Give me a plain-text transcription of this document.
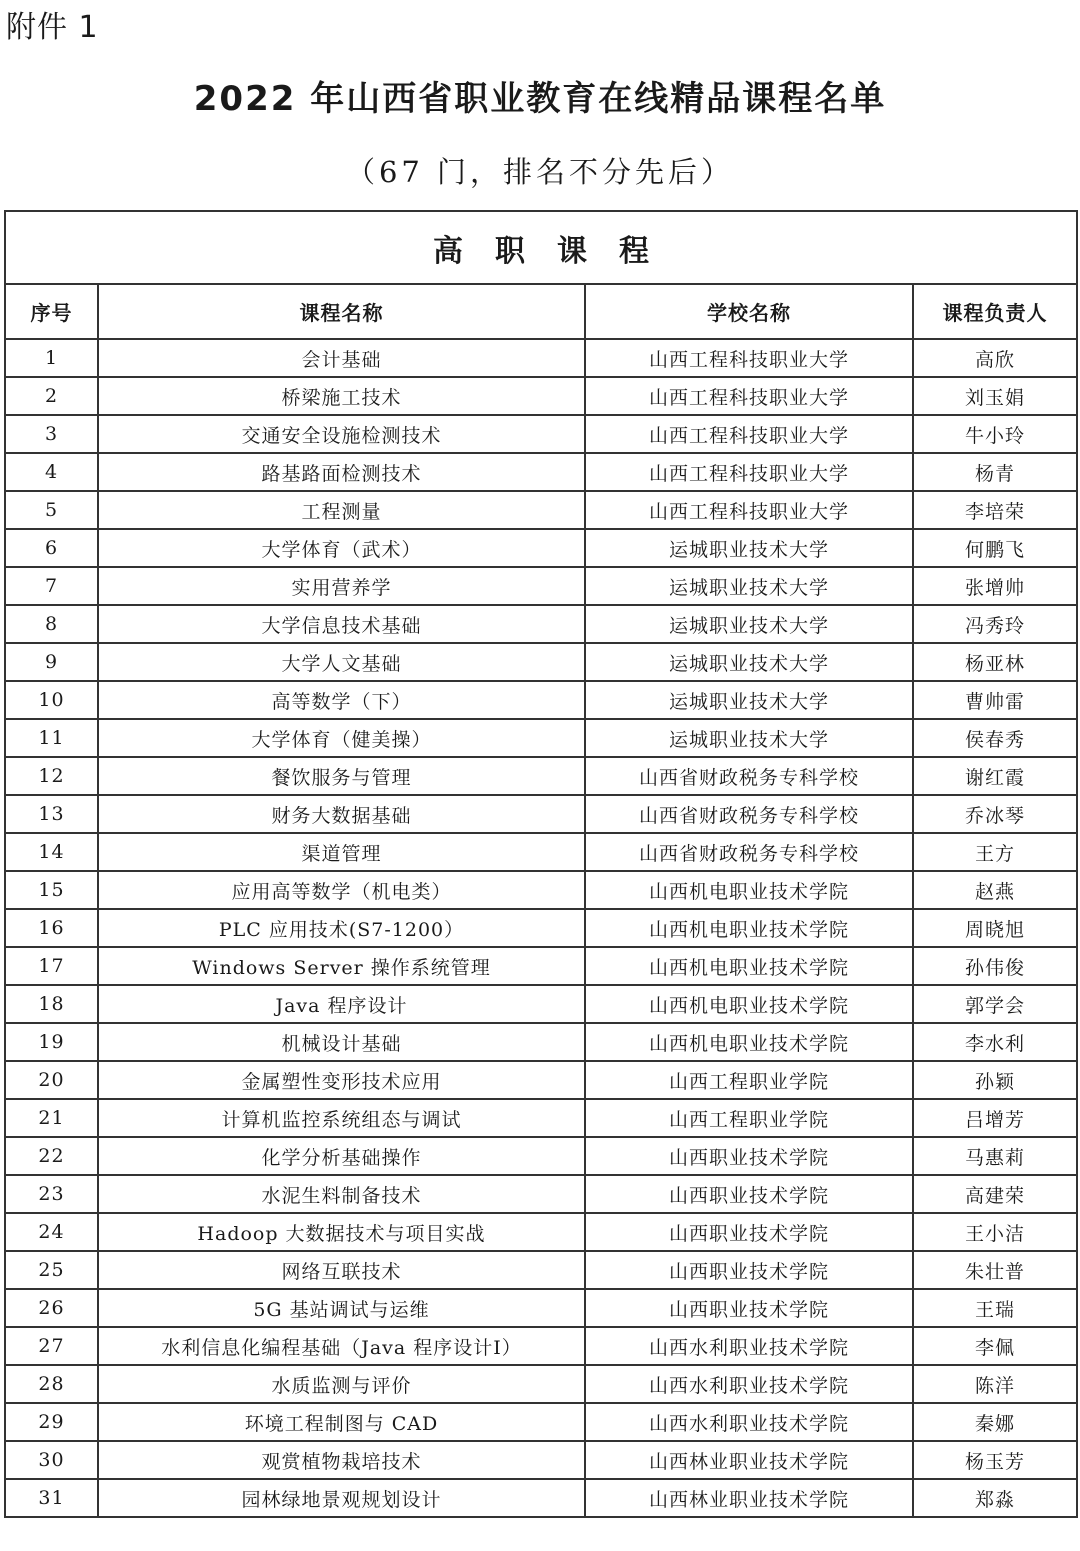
附件 1
2022 年山西省职业教育在线精品课程名单
（67 门，排名不分先后）
高职课程			
序号	课程名称	学校名称	课程负责人
1	会计基础	山西工程科技职业大学	高欣
2	桥梁施工技术	山西工程科技职业大学	刘玉娟
3	交通安全设施检测技术	山西工程科技职业大学	牛小玲
4	路基路面检测技术	山西工程科技职业大学	杨青
5	工程测量	山西工程科技职业大学	李培荣
6	大学体育（武术）	运城职业技术大学	何鹏飞
7	实用营养学	运城职业技术大学	张增帅
8	大学信息技术基础	运城职业技术大学	冯秀玲
9	大学人文基础	运城职业技术大学	杨亚林
10	高等数学（下）	运城职业技术大学	曹帅雷
11	大学体育（健美操）	运城职业技术大学	侯春秀
12	餐饮服务与管理	山西省财政税务专科学校	谢红霞
13	财务大数据基础	山西省财政税务专科学校	乔冰琴
14	渠道管理	山西省财政税务专科学校	王方
15	应用高等数学（机电类）	山西机电职业技术学院	赵燕
16	PLC 应用技术(S7-1200）	山西机电职业技术学院	周晓旭
17	Windows Server 操作系统管理	山西机电职业技术学院	孙伟俊
18	Java 程序设计	山西机电职业技术学院	郭学会
19	机械设计基础	山西机电职业技术学院	李水利
20	金属塑性变形技术应用	山西工程职业学院	孙颖
21	计算机监控系统组态与调试	山西工程职业学院	吕增芳
22	化学分析基础操作	山西职业技术学院	马惠莉
23	水泥生料制备技术	山西职业技术学院	高建荣
24	Hadoop 大数据技术与项目实战	山西职业技术学院	王小洁
25	网络互联技术	山西职业技术学院	朱壮普
26	5G 基站调试与运维	山西职业技术学院	王瑞
27	水利信息化编程基础（Java 程序设计Ⅰ）	山西水利职业技术学院	李佩
28	水质监测与评价	山西水利职业技术学院	陈洋
29	环境工程制图与 CAD	山西水利职业技术学院	秦娜
30	观赏植物栽培技术	山西林业职业技术学院	杨玉芳
31	园林绿地景观规划设计	山西林业职业技术学院	郑淼
